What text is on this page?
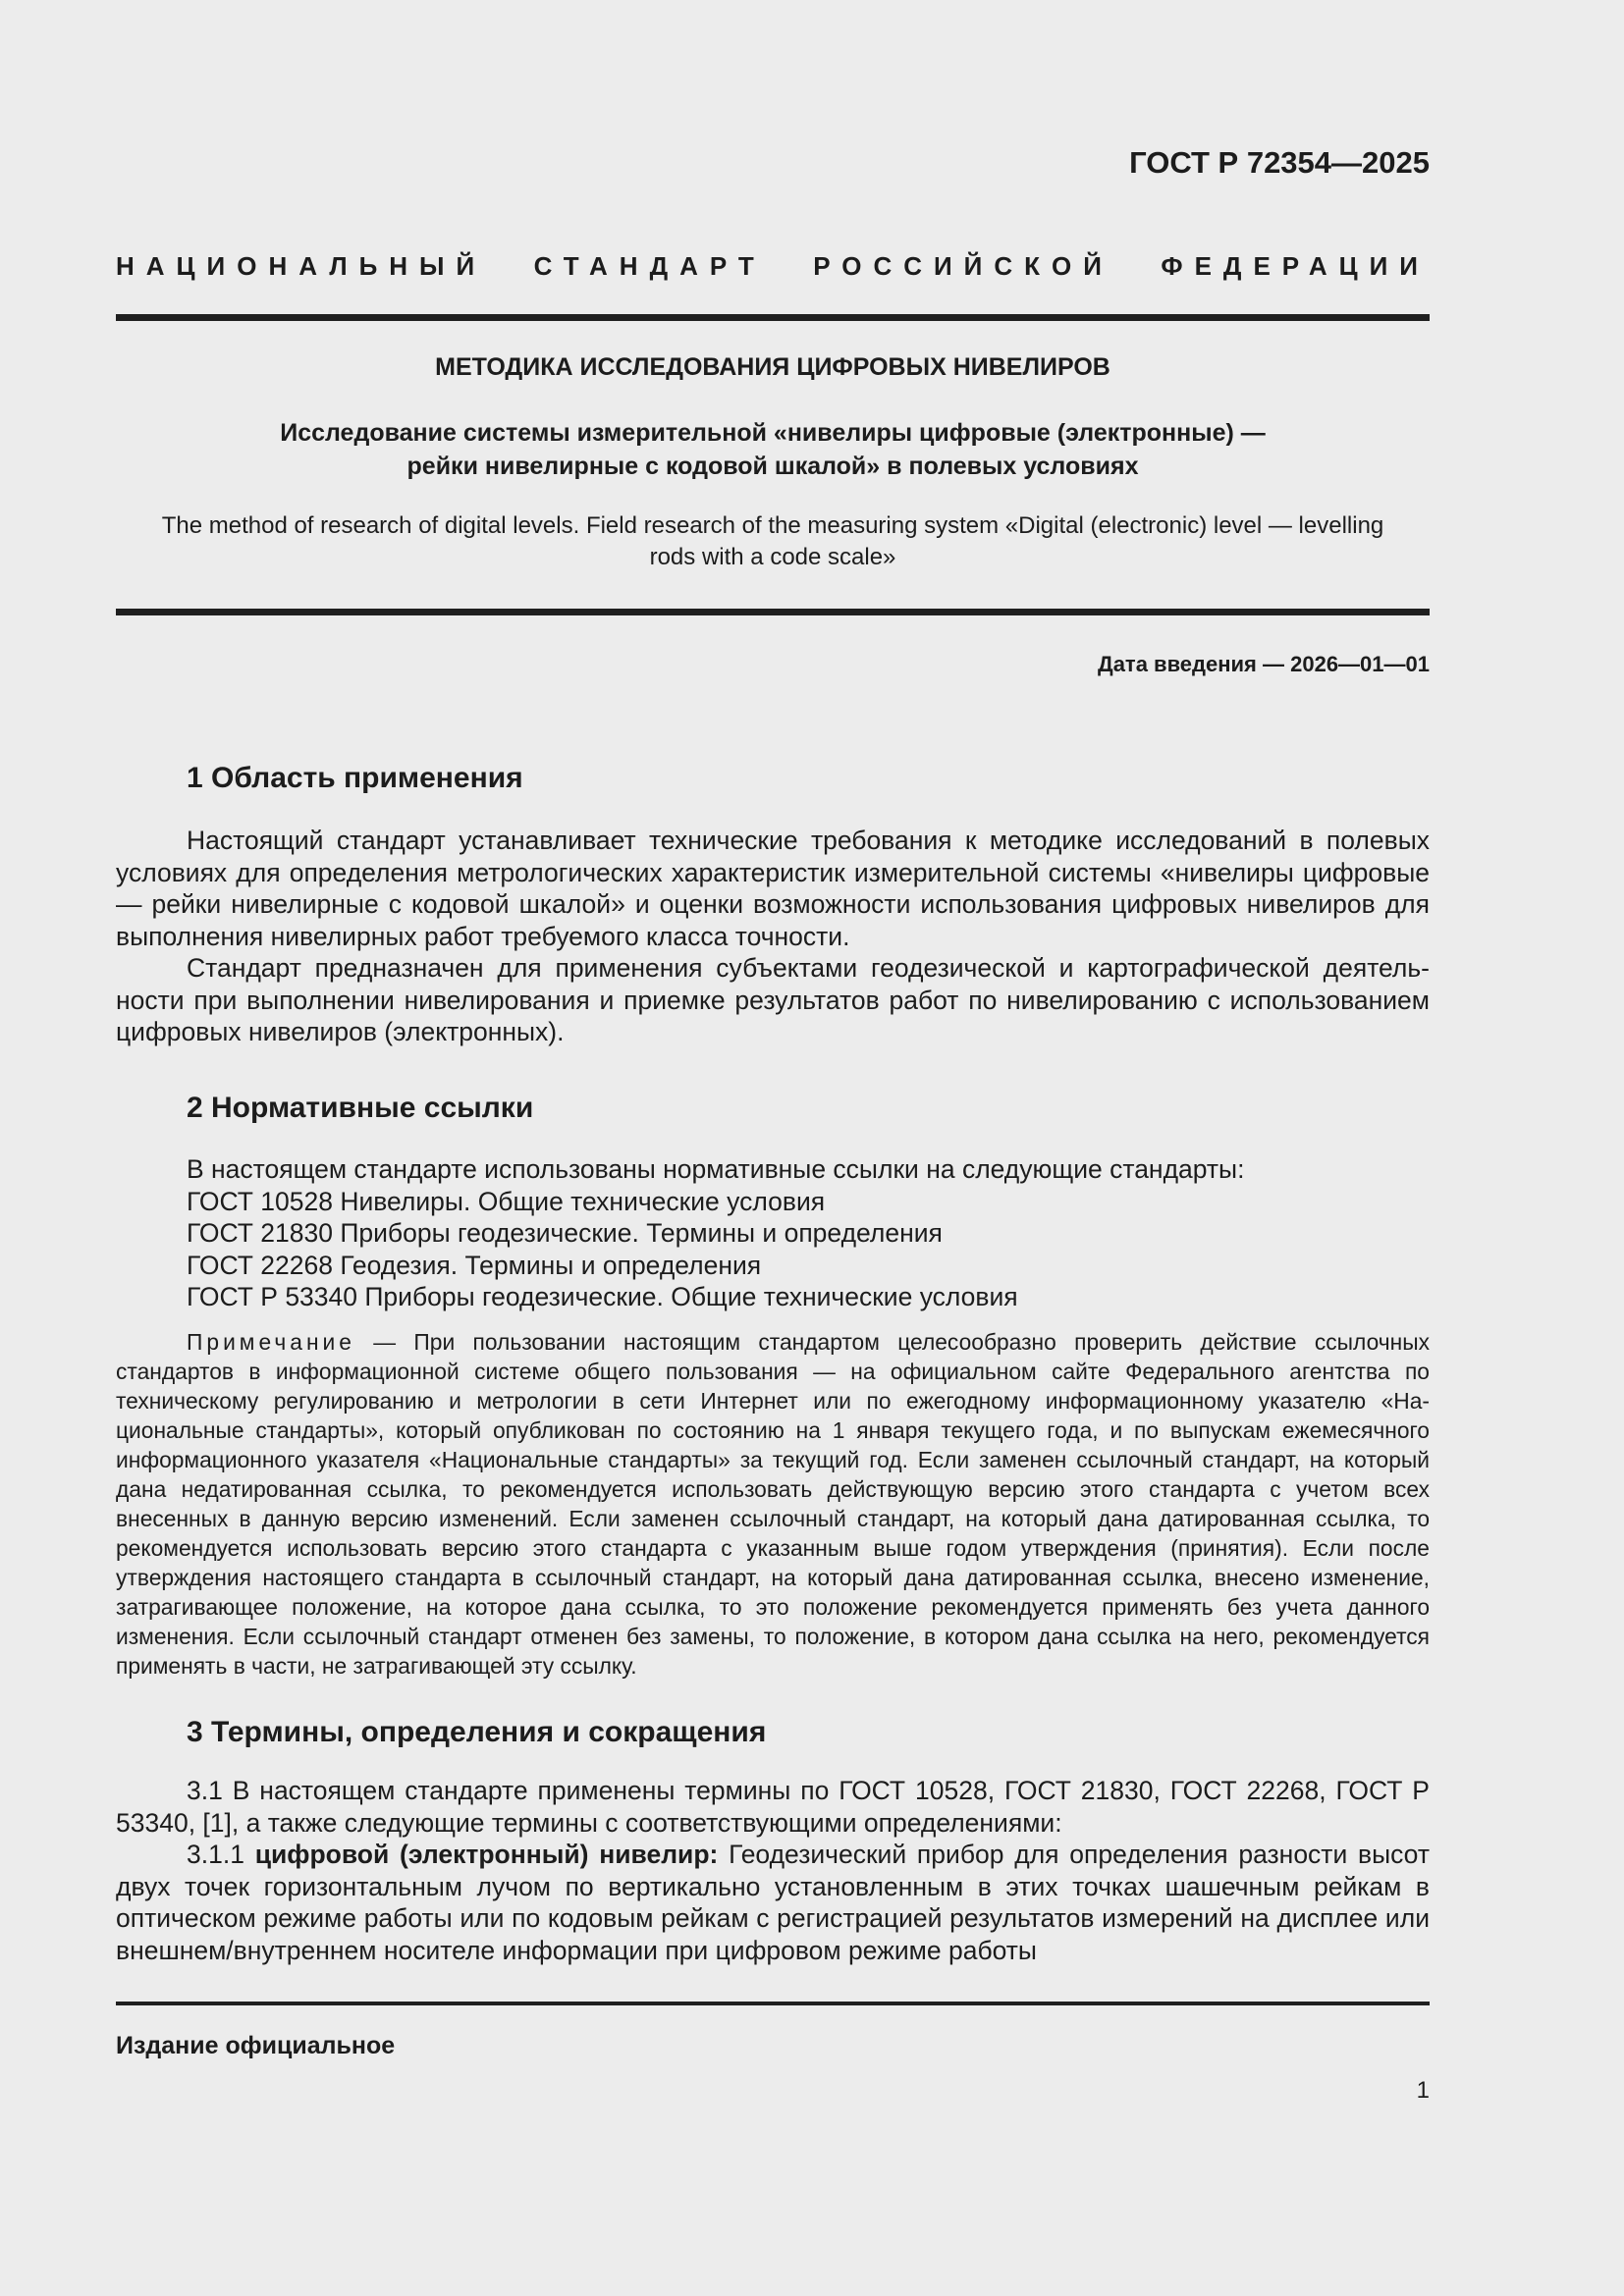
ГОСТ Р 72354—2025
НАЦИОНАЛЬНЫЙ СТАНДАРТ РОССИЙСКОЙ ФЕДЕРАЦИИ
МЕТОДИКА ИССЛЕДОВАНИЯ ЦИФРОВЫХ НИВЕЛИРОВ
Исследование системы измерительной «нивелиры цифровые (электронные) —
рейки нивелирные с кодовой шкалой» в полевых условиях
The method of research of digital levels. Field research of the measuring system «Digital (electronic) level — levelling
rods with a code scale»
Дата введения — 2026—01—01
1 Область применения

Настоящий стандарт устанавливает технические требования к методике исследований в полевых условиях для определения метрологических характеристик измерительной системы «нивелиры цифровые — рейки нивелирные с кодовой шкалой» и оценки возможности использования цифровых нивелиров для выполнения нивелирных работ требуемого класса точности.

Стандарт предназначен для применения субъектами геодезической и картографической деятельности при выполнении нивелирования и приемке результатов работ по нивелированию с использованием цифровых нивелиров (электронных).

2 Нормативные ссылки
В настоящем стандарте использованы нормативные ссылки на следующие стандарты:
ГОСТ 10528 Нивелиры. Общие технические условия
ГОСТ 21830 Приборы геодезические. Термины и определения
ГОСТ 22268 Геодезия. Термины и определения
ГОСТ Р 53340 Приборы геодезические. Общие технические условия

Примечание — При пользовании настоящим стандартом целесообразно проверить действие ссылочных стандартов в информационной системе общего пользования — на официальном сайте Федерального агентства по техническому регулированию и метрологии в сети Интернет или по ежегодному информационному указателю «Национальные стандарты», который опубликован по состоянию на 1 января текущего года, и по выпускам ежемесячного информационного указателя «Национальные стандарты» за текущий год. Если заменен ссылочный стандарт, на который дана недатированная ссылка, то рекомендуется использовать действующую версию этого стандарта с учетом всех внесенных в данную версию изменений. Если заменен ссылочный стандарт, на который дана датированная ссылка, то рекомендуется использовать версию этого стандарта с указанным выше годом утверждения (принятия). Если после утверждения настоящего стандарта в ссылочный стандарт, на который дана датированная ссылка, внесено изменение, затрагивающее положение, на которое дана ссылка, то это положение рекомендуется применять без учета данного изменения. Если ссылочный стандарт отменен без замены, то положение, в котором дана ссылка на него, рекомендуется применять в части, не затрагивающей эту ссылку.

3 Термины, определения и сокращения

3.1 В настоящем стандарте применены термины по ГОСТ 10528, ГОСТ 21830, ГОСТ 22268, ГОСТ Р 53340, [1], а также следующие термины с соответствующими определениями:

3.1.1 цифровой (электронный) нивелир: Геодезический прибор для определения разности высот двух точек горизонтальным лучом по вертикально установленным в этих точках шашечным рейкам в оптическом режиме работы или по кодовым рейкам с регистрацией результатов измерений на дисплее или внешнем/внутреннем носителе информации при цифровом режиме работы

Издание официальное
1
